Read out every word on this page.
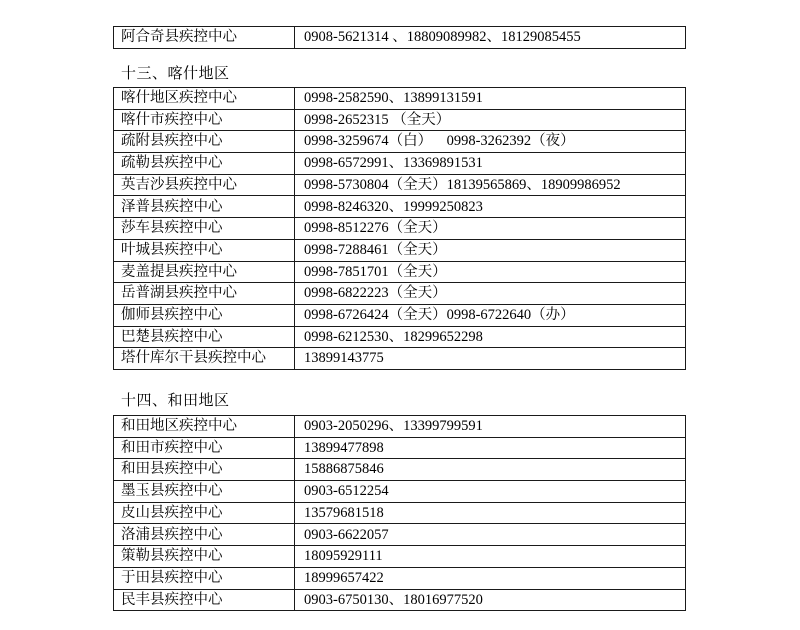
阿合奇县疾控中心	0908-5621314 、18809089982、18129085455
十三、喀什地区
喀什地区疾控中心	0998-2582590、13899131591
喀什市疾控中心	0998-2652315 （全天）
疏附县疾控中心	0998-3259674（白）    0998-3262392（夜）
疏勒县疾控中心	0998-6572991、13369891531
英吉沙县疾控中心	0998-5730804（全天）18139565869、18909986952
泽普县疾控中心	0998-8246320、19999250823
莎车县疾控中心	0998-8512276（全天）
叶城县疾控中心	0998-7288461（全天）
麦盖提县疾控中心	0998-7851701（全天）
岳普湖县疾控中心	0998-6822223（全天）
伽师县疾控中心	0998-6726424（全天）0998-6722640（办）
巴楚县疾控中心	0998-6212530、18299652298
塔什库尔干县疾控中心	13899143775
十四、和田地区
和田地区疾控中心	0903-2050296、13399799591
和田市疾控中心	13899477898
和田县疾控中心	15886875846
墨玉县疾控中心	0903-6512254
皮山县疾控中心	13579681518
洛浦县疾控中心	0903-6622057
策勒县疾控中心	18095929111
于田县疾控中心	18999657422
民丰县疾控中心	0903-6750130、18016977520
